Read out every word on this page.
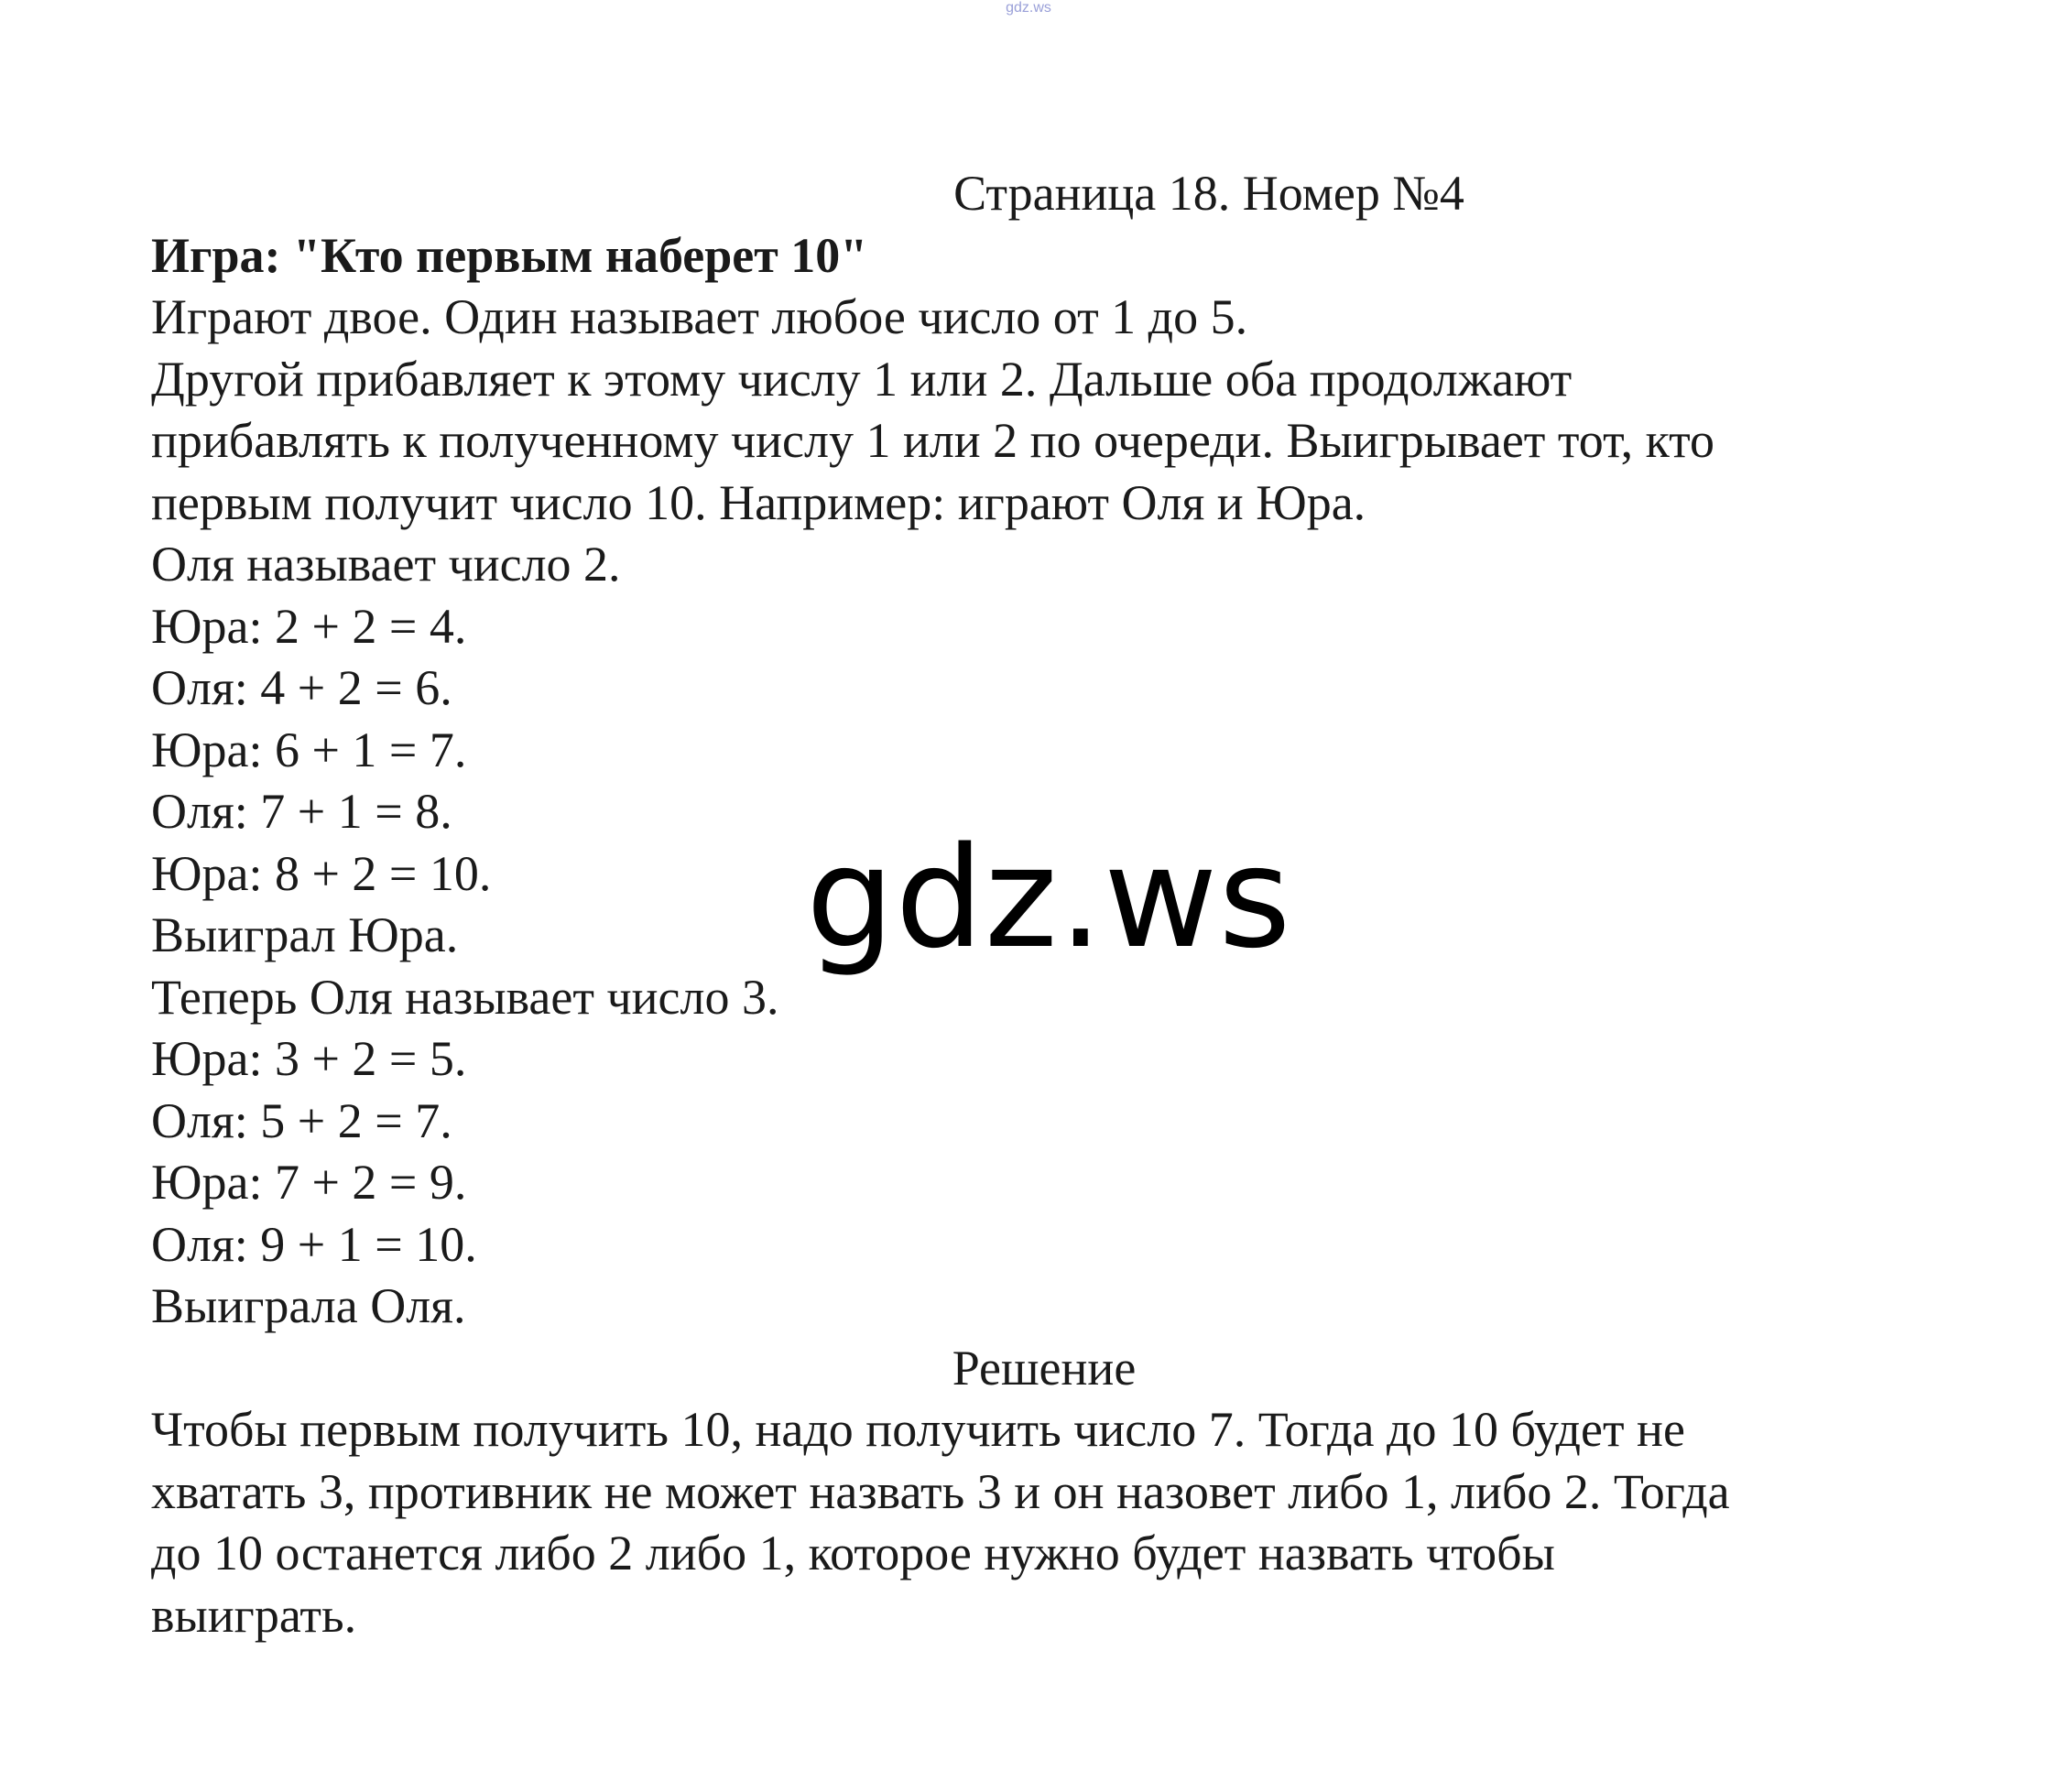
gdz.ws
Страница 18. Номер №4
Игра: "Кто первым наберет 10"
Играют двое. Один называет любое число от 1 до 5.
Другой прибавляет к этому числу 1 или 2. Дальше оба продолжают
прибавлять к полученному числу 1 или 2 по очереди. Выигрывает тот, кто
первым получит число 10. Например: играют Оля и Юра.
Оля называет число 2.
Юра: 2 + 2 = 4.
Оля: 4 + 2 = 6.
Юра: 6 + 1 = 7.
Оля: 7 + 1 = 8.
Юра: 8 + 2 = 10.
Выиграл Юра.
Теперь Оля называет число 3.
Юра: 3 + 2 = 5.
Оля: 5 + 2 = 7.
Юра: 7 + 2 = 9.
Оля: 9 + 1 = 10.
Выиграла Оля.
Решение
Чтобы первым получить 10, надо получить число 7. Тогда до 10 будет не
хватать 3, противник не может назвать 3 и он назовет либо 1, либо 2. Тогда
до 10 останется либо 2 либо 1, которое нужно будет назвать чтобы
выиграть.
gdz.ws
